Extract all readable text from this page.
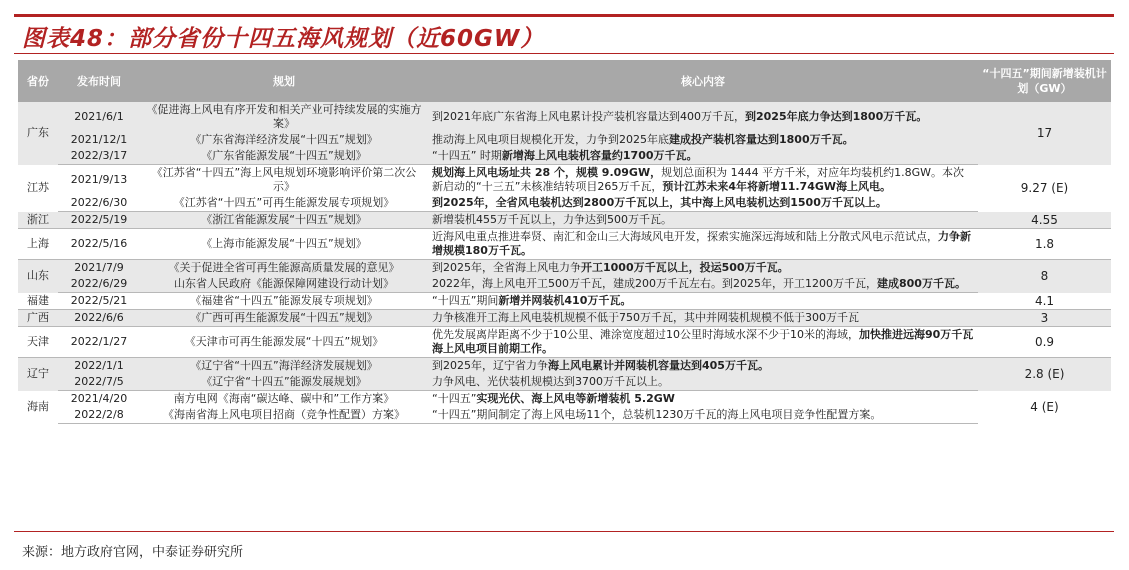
图表48：部分省份十四五海风规划（近60GW）
省份	发布时间	规划	核心内容	“十四五”期间新增装机计划（GW）
广东	2021/6/1	《促进海上风电有序开发和相关产业可持续发展的实施方案》	到2021年底广东省海上风电累计投产装机容量达到400万千瓦，到2025年底力争达到1800万千瓦。	17
	2021/12/1	《广东省海洋经济发展“十四五”规划》	推动海上风电项目规模化开发，力争到2025年底建成投产装机容量达到1800万千瓦。	
	2022/3/17	《广东省能源发展“十四五”规划》	“十四五” 时期新增海上风电装机容量约1700万千瓦。	
江苏	2021/9/13	《江苏省“十四五”海上风电规划环境影响评价第二次公示》	规划海上风电场址共 28 个，规模 9.09GW，规划总面积为 1444 平方千米，对应年均装机约1.8GW。本次新启动的“十三五”未核准结转项目265万千瓦，预计江苏未来4年将新增11.74GW海上风电。	9.27 (E)
	2022/6/30	《江苏省“十四五”可再生能源发展专项规划》	到2025年，全省风电装机达到2800万千瓦以上，其中海上风电装机达到1500万千瓦以上。	
浙江	2022/5/19	《浙江省能源发展“十四五”规划》	新增装机455万千瓦以上，力争达到500万千瓦。	4.55
上海	2022/5/16	《上海市能源发展“十四五”规划》	近海风电重点推进奉贤、南汇和金山三大海域风电开发，探索实施深远海域和陆上分散式风电示范试点，力争新增规模180万千瓦。	1.8
山东	2021/7/9	《关于促进全省可再生能源高质量发展的意见》	到2025年，全省海上风电力争开工1000万千瓦以上，投运500万千瓦。	8
	2022/6/29	山东省人民政府《能源保障网建设行动计划》	2022年，海上风电开工500万千瓦，建成200万千瓦左右。到2025年，开工1200万千瓦，建成800万千瓦。	
福建	2022/5/21	《福建省“十四五”能源发展专项规划》	“十四五”期间新增并网装机410万千瓦。	4.1
广西	2022/6/6	《广西可再生能源发展“十四五”规划》	力争核准开工海上风电装机规模不低于750万千瓦，其中并网装机规模不低于300万千瓦	3
天津	2022/1/27	《天津市可再生能源发展“十四五”规划》	优先发展离岸距离不少于10公里、滩涂宽度超过10公里时海域水深不少于10米的海域，加快推进远海90万千瓦海上风电项目前期工作。	0.9
辽宁	2022/1/1	《辽宁省“十四五”海洋经济发展规划》	到2025年，辽宁省力争海上风电累计并网装机容量达到405万千瓦。	2.8 (E)
	2022/7/5	《辽宁省“十四五”能源发展规划》	力争风电、光伏装机规模达到3700万千瓦以上。	
海南	2021/4/20	南方电网《海南“碳达峰、碳中和”工作方案》	“十四五”实现光伏、海上风电等新增装机 5.2GW	4 (E)
	2022/2/8	《海南省海上风电项目招商（竞争性配置）方案》	“十四五”期间制定了海上风电场11个，总装机1230万千瓦的海上风电项目竞争性配置方案。	
来源：地方政府官网，中泰证券研究所
